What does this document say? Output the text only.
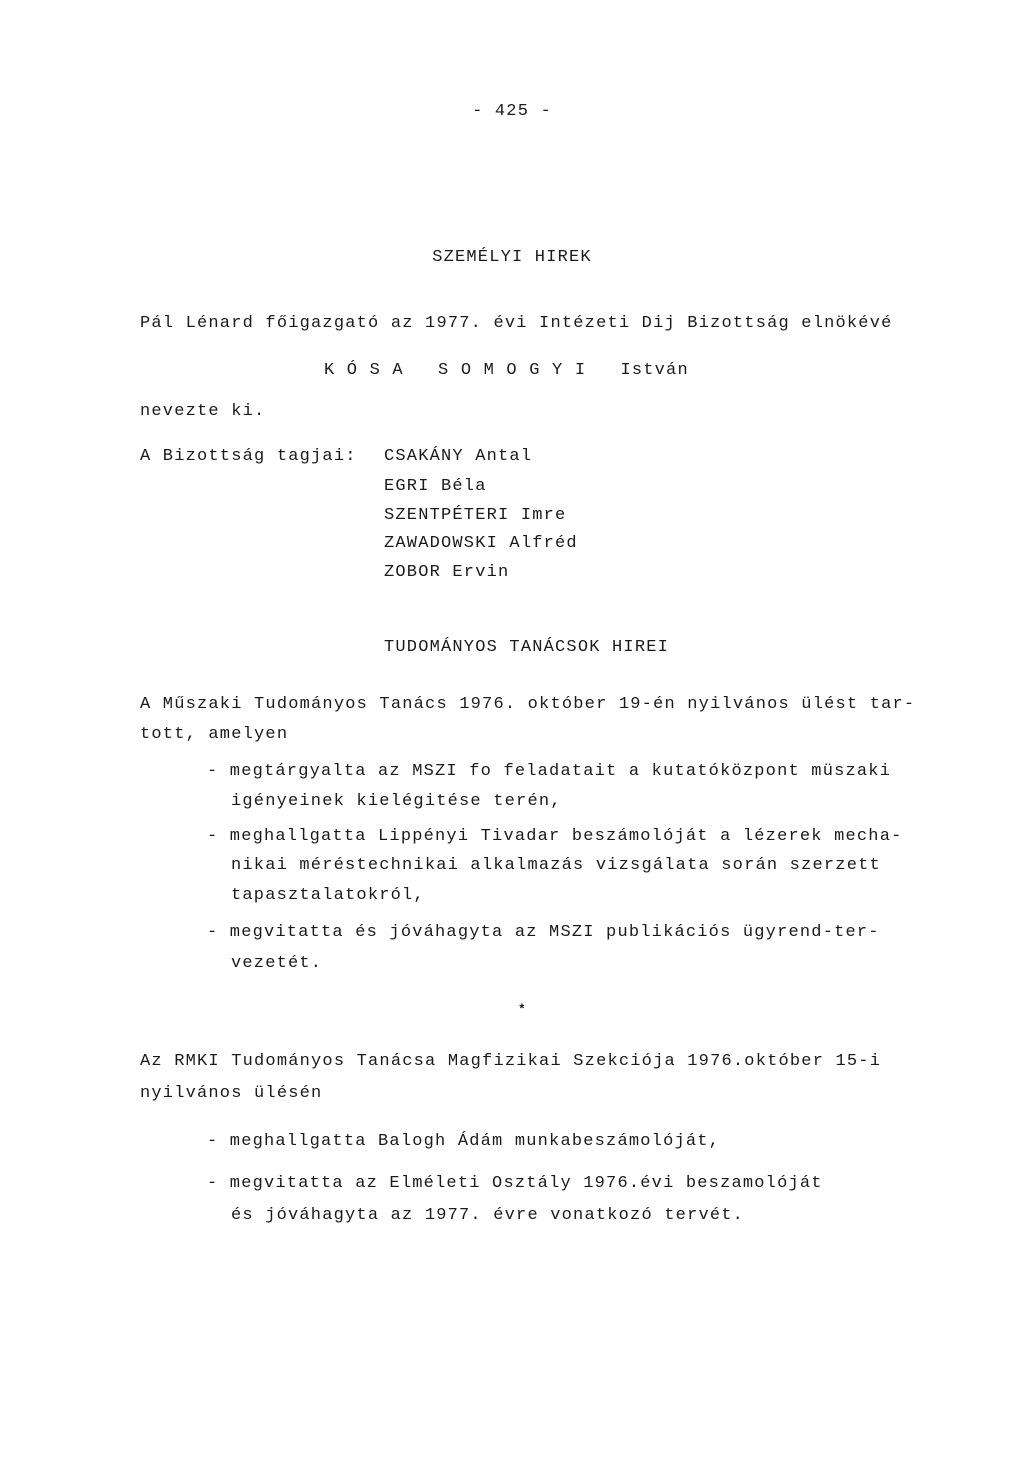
- 425 -
SZEMÉLYI HIREK
Pál Lénard főigazgató az 1977. évi Intézeti Dij Bizottság elnökévé
K Ó S A   S O M O G Y I   István
nevezte ki.
A Bizottság tagjai: CSAKÁNY Antal
EGRI Béla
SZENTPÉTERI Imre
ZAWADOWSKI Alfréd
ZOBOR Ervin
TUDOMÁNYOS TANÁCSOK HIREI
A Műszaki Tudományos Tanács 1976. október 19-én nyilvános ülést tar-
tott, amelyen
- megtárgyalta az MSZI fo feladatait a kutatóközpont müszaki
igényeinek kielégitése terén,
- meghallgatta Lippényi Tivadar beszámolóját a lézerek mecha-
nikai méréstechnikai alkalmazás vizsgálata során szerzett
tapasztalatokról,
- megvitatta és jóváhagyta az MSZI publikációs ügyrend-ter-
vezetét.
*
Az RMKI Tudományos Tanácsa Magfizikai Szekciója 1976.október 15-i
nyilvános ülésén
- meghallgatta Balogh Ádám munkabeszámolóját,
- megvitatta az Elméleti Osztály 1976.évi beszamolóját
és jóváhagyta az 1977. évre vonatkozó tervét.
